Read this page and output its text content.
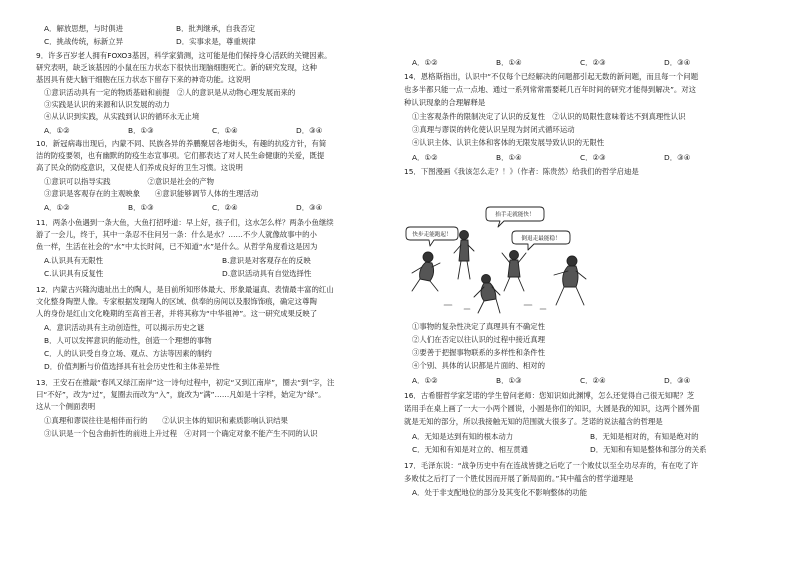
A．解放思想，与时俱进	B．批判继承，自我否定
C．挑战传统，标新立异	D．实事求是，尊重规律
9．许多百岁老人拥有FOXO3基因，科学家猜测，这可能是他们保持身心活跃的关键因素。
研究表明，缺乏该基因的小鼠在压力状态下很快出现脑细胞死亡。新的研究发现，这种
基因具有使大脑干细胞在压力状态下留存下来的神奇功能。这说明
①意识活动具有一定的物质基础和前提　②人的意识是从动物心理发展而来的
③实践是认识的来源和认识发展的动力
④从认识到实践，从实践到认识的循环永无止境
A．①②	B．①③	C．①④	D．③④
10．新冠病毒出现后，内蒙不同、民族各异的养鹏聚居各地街头，有趣的抗疫方针，有简
洁的防疫要领，也有幽默的防疫生态宣事项。它们都表达了对人民生命健康的关爱，既提
高了民众的防疫意识，又促使人们养成良好的卫生习惯。这说明
①意识可以指导实践　　　　　②意识是社会的产物
③意识是客观存在的主观映象　　④意识能够调节人体的生理活动
A．①②	B．①③	C．②④	D．③④
11．两条小鱼遇到一条大鱼，大鱼打招呼道：早上好，孩子们，这水怎么样？两条小鱼继续
游了一会儿，终于，其中一条忍不住问另一条：什么是水？……不少人就像故事中的小
鱼一样，生活在社会的“水”中太长时间，已不知道“水”是什么。从哲学角度看这是因为
A.认识具有无限性	B.意识是对客观存在的反映
C.认识具有反复性	D.意识活动具有自觉选择性
12．内蒙古兴隆沟遗址出土的陶人，是目前所知形体最大、形象最逼真、表情最丰富的红山
文化整身陶塑人像。专家根据发现陶人的区域、供奉的房间以及服饰饰痕，确定这尊陶
人的身份是红山文化晚期的至高首王者，并将其称为“中华祖神”。这一研究成果反映了
A．意识活动具有主动创造性，可以揭示历史之谜
B．人可以发挥意识的能动性，创造一个理想的事物
C．人的认识受自身立场、观点、方法等因素的制约
D．价值判断与价值选择具有社会历史性和主体差异性
13．王安石在推敲“春风又绿江南岸”这一诗句过程中，初定“又到江南岸”，圈去“到”字，注
曰“不好”，改为“过”，复圈去而改为“入”，旋改为“满”……凡如是十字样，始定为“绿”。
这从一个侧面表明
①真理和谬误往往是相伴而行的　　②认识主体的知识和素质影响认识结果
③认识是一个包含曲折性的前进上升过程　④对同一个确定对象不能产生不同的认识
A．①②	B．①④	C．②③	D．③④
14．恩格斯指出，认识中“不仅每个已经解决的问题都引起无数的新问题，而且每一个问题
也多半都只能一点一点地、通过一系列常常需要耗几百年时间的研究才能得到解决”。对这
种认识现象的合理解释是
①主客观条件的限制决定了认识的反复性　②认识的局限性意味着达不到真理性认识
③真理与谬误的转化使认识呈现为封闭式循环运动
④认识主体、认识主体和客体的无限发展导致认识的无限性
A．①②	B．①④	C．②③	D．③④
15．下图漫画《我该怎么走？！》（作者：陈贵然）给我们的哲学启迪是
抬手走就能快！
快步走能跑起！
倒退走最能稳！
①事物的复杂性决定了真理具有不确定性
②人们在否定以往认识的过程中接近真理
③要善于把握事物联系的多样性和条件性
④个别、具体的认识都是片面的、相对的
A．①②	B．①③	C．②④	D．③④
16．古希腊哲学家芝诺的学生曾问老师：您知识如此渊博，怎么还觉得自己很无知呢？芝
诺用手在桌上画了一大一小两个圆说，小圆是你们的知识，大圆是我的知识，这两个圆外面
就是无知的部分，所以我接触无知的范围就大很多了。芝诺的说法蕴含的哲理是
A．无知是达到有知的根本动力	B．无知是相对的，有知是绝对的
C．无知和有知是对立的、相互贯通	D．无知和有知是整体和部分的关系
17．毛泽东说：“战争历史中有在连战皆捷之后吃了一个败仗以至全功尽弃的，有在吃了许
多败仗之后打了一个胜仗因而开展了新局面的。”其中蕴含的哲学道理是
A．处于非支配地位的部分及其变化不影响整体的功能
